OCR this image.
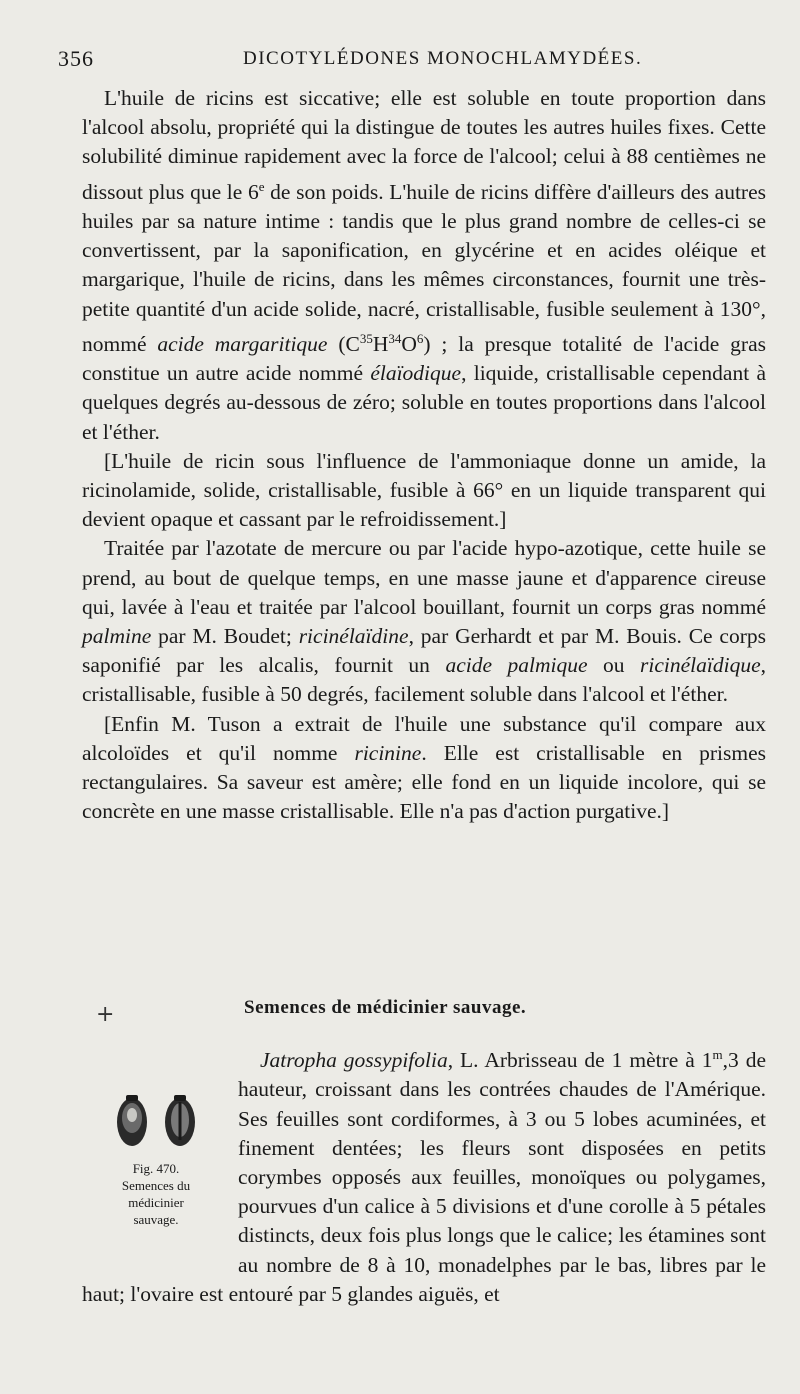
356	DICOTYLÉDONES MONOCHLAMYDÉES.

L'huile de ricins est siccative; elle est soluble en toute proportion dans l'alcool absolu, propriété qui la distingue de toutes les autres huiles fixes. Cette solubilité diminue rapidement avec la force de l'alcool; celui à 88 centièmes ne dissout plus que le 6e de son poids. L'huile de ricins diffère d'ailleurs des autres huiles par sa nature intime : tandis que le plus grand nombre de celles-ci se convertissent, par la saponification, en glycérine et en acides oléique et margarique, l'huile de ricins, dans les mêmes circonstances, fournit une très-petite quantité d'un acide solide, nacré, cristallisable, fusible seulement à 130°, nommé acide margaritique $(C^{35}H^{34}O^6)$ ; la presque totalité de l'acide gras constitue un autre acide nommé élaïodique, liquide, cristallisable cependant à quelques degrés au-dessous de zéro; soluble en toutes proportions dans l'alcool et l'éther.

[L'huile de ricin sous l'influence de l'ammoniaque donne un amide, la ricinolamide, solide, cristallisable, fusible à 66° en un liquide transparent qui devient opaque et cassant par le refroidissement.]

Traitée par l'azotate de mercure ou par l'acide hypo-azotique, cette huile se prend, au bout de quelque temps, en une masse jaune et d'apparence cireuse qui, lavée à l'eau et traitée par l'alcool bouillant, fournit un corps gras nommé palmine par M. Boudet; ricinélaïdine, par Gerhardt et par M. Bouis. Ce corps saponifié par les alcalis, fournit un acide palmique ou ricinélaïdique, cristallisable, fusible à 50 degrés, facilement soluble dans l'alcool et l'éther.

[Enfin M. Tuson a extrait de l'huile une substance qu'il compare aux alcoloïdes et qu'il nomme ricinine. Elle est cristallisable en prismes rectangulaires. Sa saveur est amère; elle fond en un liquide incolore, qui se concrète en une masse cristallisable. Elle n'a pas d'action purgative.]

+	Semences de médicinier sauvage.
Jatropha gossypifolia, L. Arbrisseau de 1 mètre à 1$^m$,3 de hauteur, croissant dans les contrées chaudes de l'Amérique. Ses feuilles sont cordiformes, à 3 ou 5 lobes acuminées, et finement dentées; les fleurs sont disposées en petits corymbes opposés aux feuilles, monoïques ou polygames, pourvues d'un calice à 5 divisions et d'une corolle à 5 pétales distincts, deux fois plus longs que le calice; les étamines sont au nombre de 8 à 10, monadelphes par le bas, libres par le haut; l'ovaire est entouré par 5 glandes aiguës, et
Fig. 470.
Semences du
médicinier
sauvage.
